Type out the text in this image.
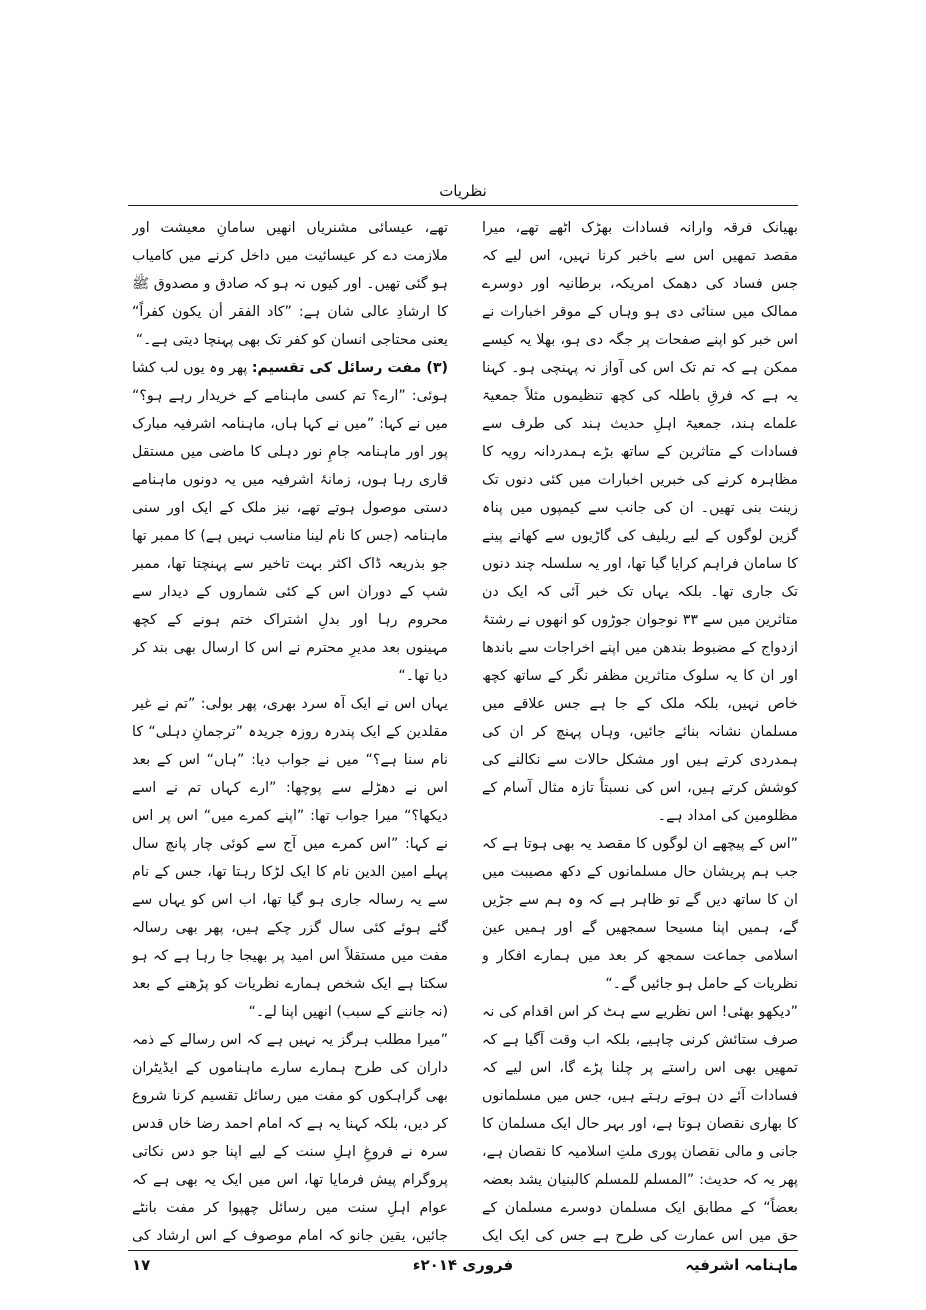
نظریات

بھیانک فرقہ وارانہ فسادات بھڑک اٹھے تھے، میرا مقصد تمھیں اس سے باخبر کرنا نہیں، اس لیے کہ جس فساد کی دھمک امریکہ، برطانیہ اور دوسرے ممالک میں سنائی دی ہو وہاں کے موقر اخبارات نے اس خبر کو اپنے صفحات پر جگہ دی ہو، بھلا یہ کیسے ممکن ہے کہ تم تک اس کی آواز نہ پہنچی ہو۔ کہنا یہ ہے کہ فرقِ باطلہ کی کچھ تنظیموں مثلاً جمعیۃ علماے ہند، جمعیۃ اہلِ حدیث ہند کی طرف سے فسادات کے متاثرین کے ساتھ بڑے ہمدردانہ رویہ کا مظاہرہ کرنے کی خبریں اخبارات میں کئی دنوں تک زینت بنی تھیں۔ ان کی جانب سے کیمپوں میں پناہ گزین لوگوں کے لیے ریلیف کی گاڑیوں سے کھانے پینے کا سامان فراہم کرایا گیا تھا، اور یہ سلسلہ چند دنوں تک جاری تھا۔ بلکہ یہاں تک خبر آئی کہ ایک دن متاثرین میں سے ۳۳ نوجوان جوڑوں کو انھوں نے رشتۂ ازدواج کے مضبوط بندھن میں اپنے اخراجات سے باندھا اور ان کا یہ سلوک متاثرین مظفر نگر کے ساتھ کچھ خاص نہیں، بلکہ ملک کے جا ہے جس علاقے میں مسلمان نشانہ بنائے جائیں، وہاں پہنچ کر ان کی ہمدردی کرتے ہیں اور مشکل حالات سے نکالنے کی کوشش کرتے ہیں، اس کی نسبتاً تازہ مثال آسام کے مظلومین کی امداد ہے۔

”اس کے پیچھے ان لوگوں کا مقصد یہ بھی ہوتا ہے کہ جب ہم پریشان حال مسلمانوں کے دکھ مصیبت میں ان کا ساتھ دیں گے تو ظاہر ہے کہ وہ ہم سے جڑیں گے، ہمیں اپنا مسیحا سمجھیں گے اور ہمیں عین اسلامی جماعت سمجھ کر بعد میں ہمارے افکار و نظریات کے حامل ہو جائیں گے۔“

”دیکھو بھئی! اس نظریے سے ہٹ کر اس اقدام کی نہ صرف ستائش کرنی چاہیے، بلکہ اب وقت آگیا ہے کہ تمھیں بھی اس راستے پر چلنا پڑے گا، اس لیے کہ فسادات آئے دن ہوتے رہتے ہیں، جس میں مسلمانوں کا بھاری نقصان ہوتا ہے، اور بہر حال ایک مسلمان کا جانی و مالی نقصان پوری ملتِ اسلامیہ کا نقصان ہے، پھر یہ کہ حدیث: ”المسلم للمسلم کالبنیان یشد بعضہ بعضاً“ کے مطابق ایک مسلمان دوسرے مسلمان کے حق میں اس عمارت کی طرح ہے جس کی ایک ایک

تھے، عیسائی مشنریاں انھیں سامانِ معیشت اور ملازمت دے کر عیسائیت میں داخل کرنے میں کامیاب ہو گئی تھیں۔ اور کیوں نہ ہو کہ صادق و مصدوق ﷺ کا ارشادِ عالی شان ہے: ”کاد الفقر أن یکون کفراً“ یعنی محتاجی انسان کو کفر تک بھی پہنچا دیتی ہے۔“

(۳) مفت رسائل کی تقسیم: پھر وہ یوں لب کشا ہوئی: ”ارے؟ تم کسی ماہنامے کے خریدار رہے ہو؟“ میں نے کہا: ”میں نے کہا ہاں، ماہنامہ اشرفیہ مبارک پور اور ماہنامہ جامِ نور دہلی کا ماضی میں مستقل قاری رہا ہوں، زمانۂ اشرفیہ میں یہ دونوں ماہنامے دستی موصول ہوتے تھے، نیز ملک کے ایک اور سنی ماہنامہ (جس کا نام لینا مناسب نہیں ہے) کا ممبر تھا جو بذریعہ ڈاک اکثر بہت تاخیر سے پہنچتا تھا، ممبر شپ کے دوران اس کے کئی شماروں کے دیدار سے محروم رہا اور بدلِ اشتراک ختم ہونے کے کچھ مہینوں بعد مدیرِ محترم نے اس کا ارسال بھی بند کر دیا تھا۔“

یہاں اس نے ایک آہ سرد بھری، پھر بولی: ”تم نے غیر مقلدین کے ایک پندرہ روزہ جریدہ ”ترجمانِ دہلی“ کا نام سنا ہے؟“ میں نے جواب دیا: ”ہاں“ اس کے بعد اس نے دھڑلے سے پوچھا: ”ارے کہاں تم نے اسے دیکھا؟“ میرا جواب تھا: ”اپنے کمرے میں“ اس پر اس نے کہا: ”اس کمرے میں آج سے کوئی چار پانچ سال پہلے امین الدین نام کا ایک لڑکا رہتا تھا، جس کے نام سے یہ رسالہ جاری ہو گیا تھا، اب اس کو یہاں سے گئے ہوئے کئی سال گزر چکے ہیں، پھر بھی رسالہ مفت میں مستقلاً اس امید پر بھیجا جا رہا ہے کہ ہو سکتا ہے ایک شخص ہمارے نظریات کو پڑھنے کے بعد (نہ جاننے کے سبب) انھیں اپنا لے۔“

”میرا مطلب ہرگز یہ نہیں ہے کہ اس رسالے کے ذمہ داران کی طرح ہمارے سارے ماہناموں کے ایڈیٹران بھی گراہکوں کو مفت میں رسائل تقسیم کرنا شروع کر دیں، بلکہ کہنا یہ ہے کہ امام احمد رضا خاں قدس سرہ نے فروغِ اہلِ سنت کے لیے اپنا جو دس نکاتی پروگرام پیش فرمایا تھا، اس میں ایک یہ بھی ہے کہ عوام اہلِ سنت میں رسائل چھپوا کر مفت بانٹے جائیں، یقین جانو کہ امام موصوف کے اس ارشاد کی

ماہنامہ اشرفیہ
فروری ۲۰۱۴ء
۱۷
